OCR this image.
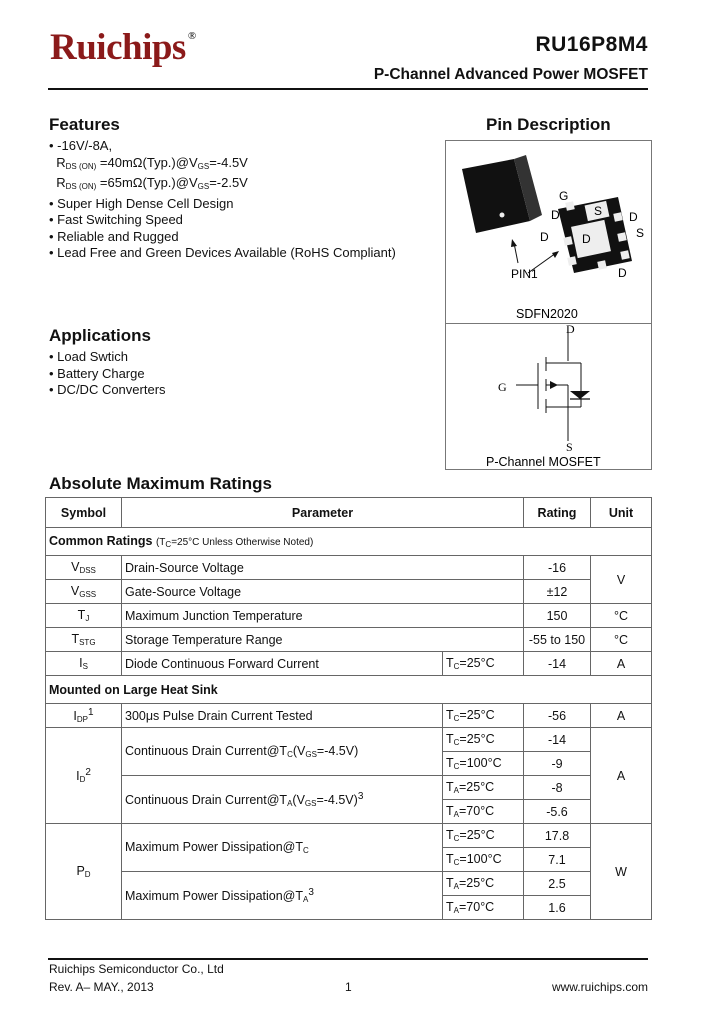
Ruichips ®	RU16P8M4
P-Channel Advanced Power MOSFET
Features
• -16V/-8A,
$R_{DS (ON)}$ $=40m\Omega(Typ.)@V_{GS}=-4.5V$
$R_{DS (ON)}$ $=65m\Omega(Typ.)@V_{GS}=-2.5V$
• Super High Dense Cell Design
• Fast Switching Speed
• Reliable and Rugged
• Lead Free and Green Devices Available (RoHS Compliant)
Applications
• Load Swtich
• Battery Charge
• DC/DC Converters
Pin Description
G
S
D	D
D	D	S
D
PIN1
SDFN2020
D
G
S
P-Channel MOSFET
Absolute Maximum Ratings
Symbol	Parameter		Rating	Unit
Common Ratings ($T_C=25^\circ C$ Unless Otherwise Noted)				
$V_{DSS}$	Drain-Source Voltage		-16	V
$V_{GSS}$	Gate-Source Voltage		±12	
$T_J$	Maximum Junction Temperature		150	°C
$T_{STG}$	Storage Temperature Range		-55 to 150	°C
$I_S$	Diode Continuous Forward Current	$T_C=25^\circ C$	-14	A
Mounted on Large Heat Sink				
$I_{DP}^1$	300μs Pulse Drain Current Tested	$T_C=25^\circ C$	-56	A
$I_D^2$	Continuous Drain $Current@T_C(V_{GS}=-4.5V)$	$T_C=25^\circ C$	-14	A
		$T_C=100^\circ C$	-9	
	Continuous Drain $Current@T_A(V_{GS}=-4.5V)^3$	$T_A=25^\circ C$	-8	
		$T_A=70^\circ C$	-5.6	
$P_D$	Maximum Power $Dissipation@T_C$	$T_C=25^\circ C$	17.8	W
		$T_C=100^\circ C$	7.1	
	Maximum Power $Dissipation@T_A^3$	$T_A=25^\circ C$	2.5	
		$T_A=70^\circ C$	1.6	
Ruichips Semiconductor Co., Ltd
Rev. A– MAY., 2013	1	www.ruichips.com
